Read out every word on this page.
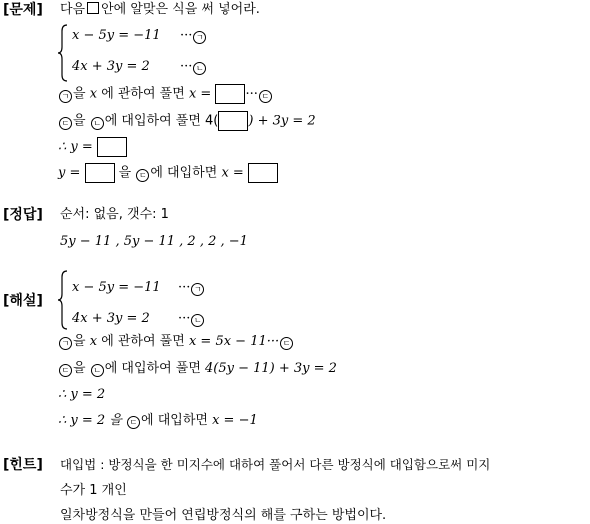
[문제] 다음 안에 알맞은 식을 써 넣어라.
x − 5y = −11 ··· ㄱ
4x + 3y = 2 ··· ㄴ
ㄱ 을 x 에 관하여 풀면 x =	··· ㄷ
ㄷ 을 ㄴ 에 대입하여 풀면 4( ) + 3y = 2
∴ y =
y =	을 ㄷ 에 대입하면 x =
[정답] 순서: 없음, 갯수: 1
5y − 11 , 5y − 11 , 2 , 2 , −1
[해설]
x − 5y = −11 ··· ㄱ
4x + 3y = 2 ··· ㄴ
ㄱ 을 x 에 관하여 풀면 x = 5x − 11··· ㄷ
ㄷ 을 ㄴ 에 대입하여 풀면 4(5y − 11) + 3y = 2
∴ y = 2
∴ y = 2 을 ㄷ 에 대입하면 x = −1
[힌트] 대입법 : 방정식을 한 미지수에 대하여 풀어서 다른 방정식에 대입함으로써 미지
수가 1 개인
일차방정식을 만들어 연립방정식의 해를 구하는 방법이다.
